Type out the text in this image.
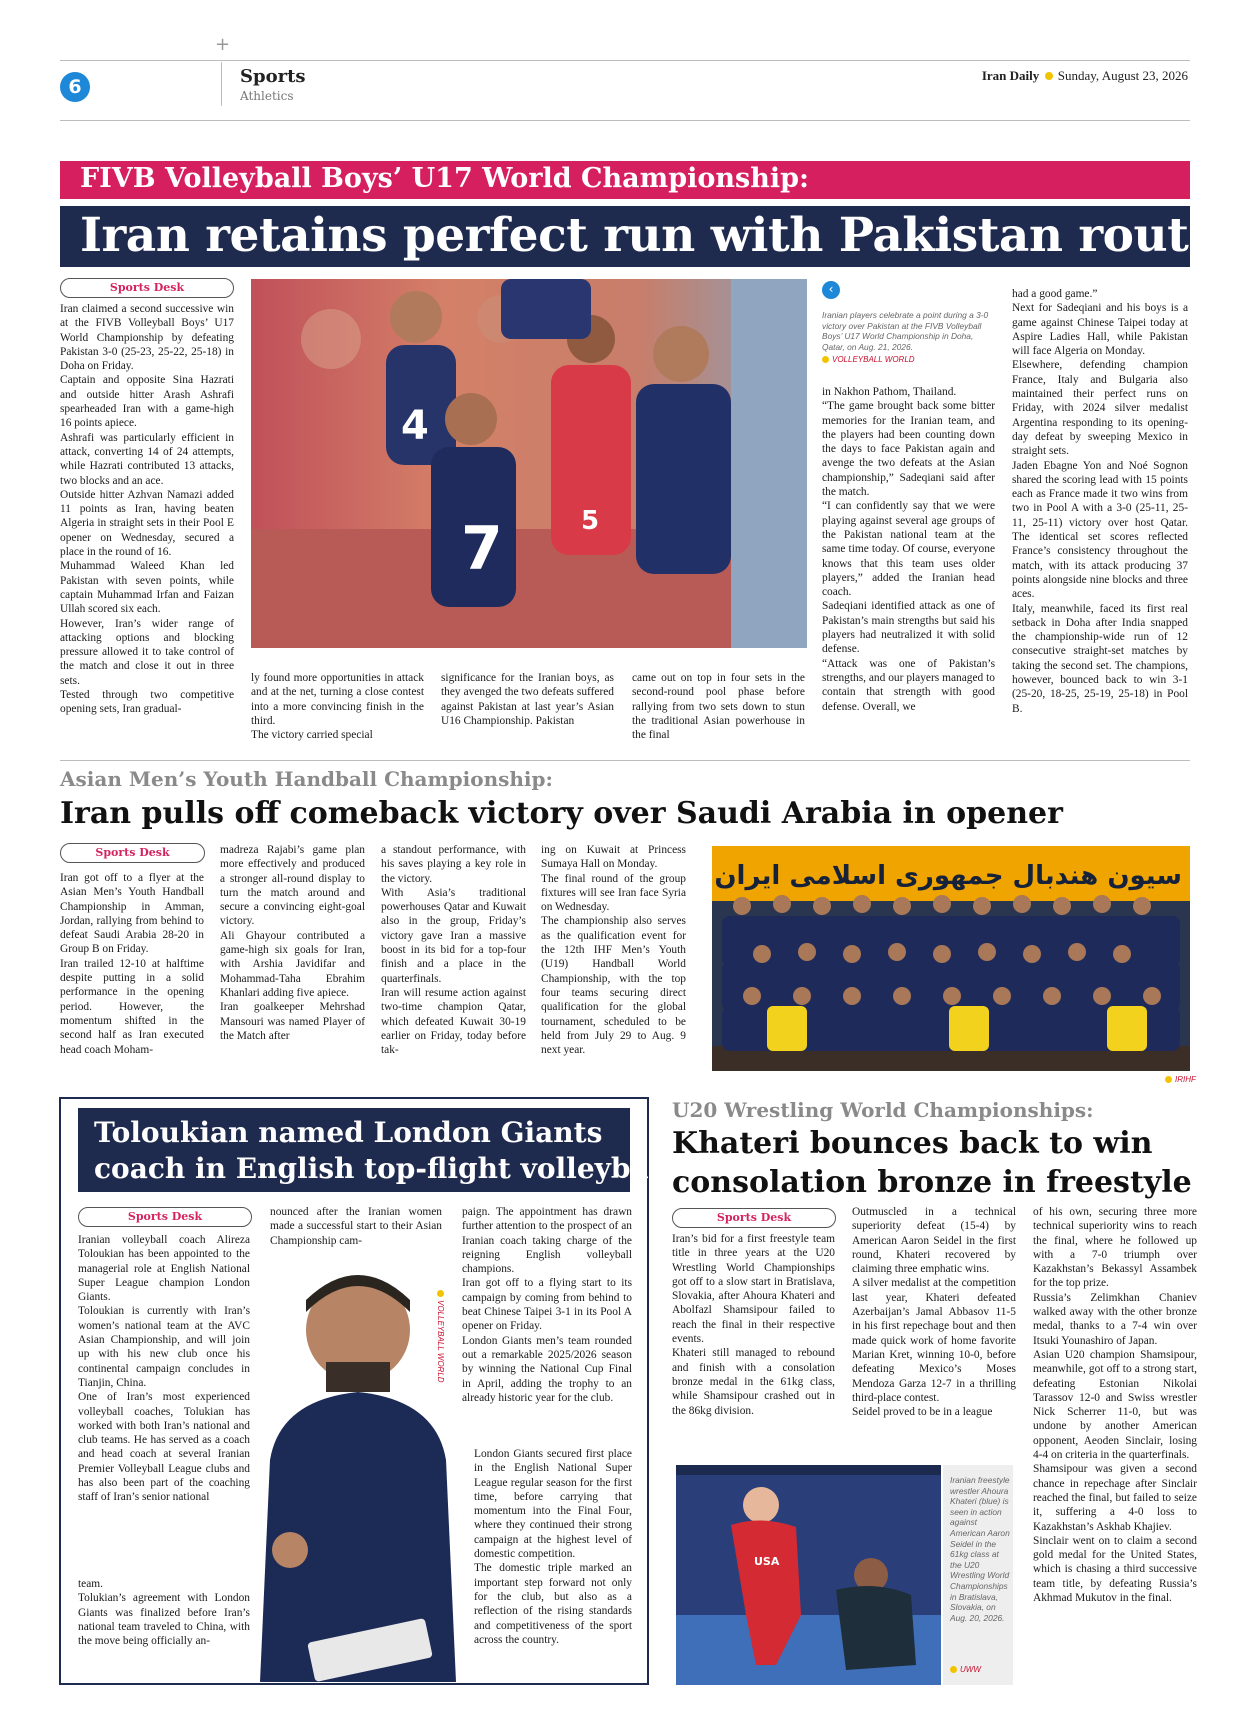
+
6	Sports
Athletics
Iran Daily Sunday, August 23, 2026
FIVB Volleyball Boys’ U17 World Championship:
Iran retains perfect run with Pakistan rout
Sports Desk
Iran claimed a second successive win at the FIVB Volleyball Boys’ U17 World Championship by defeating Pakistan 3-0 (25-23, 25-22, 25-18) in Doha on Friday.
Captain and opposite Sina Hazrati and outside hitter Arash Ashrafi spearheaded Iran with a game-high 16 points apiece.
Ashrafi was particularly efficient in attack, converting 14 of 24 attempts, while Hazrati contributed 13 attacks, two blocks and an ace.
Outside hitter Azhvan Namazi added 11 points as Iran, having beaten Algeria in straight sets in their Pool E opener on Wednesday, secured a place in the round of 16.
Muhammad Waleed Khan led Pakistan with seven points, while captain Muhammad Irfan and Faizan Ullah scored six each.
However, Iran’s wider range of attacking options and blocking pressure allowed it to take control of the match and close it out in three sets.
Tested through two competitive opening sets, Iran gradual-
7	5
4
ly found more opportunities in attack and at the net, turning a close contest into a more convincing finish in the third.
The victory carried special
significance for the Iranian boys, as they avenged the two defeats suffered against Pakistan at last year’s Asian U16 Championship. Pakistan
came out on top in four sets in the second-round pool phase before rallying from two sets down to stun the traditional Asian powerhouse in the final
‹
Iranian players celebrate a point during a 3-0 victory over Pakistan at the FIVB Volleyball Boys’ U17 World Championship in Doha, Qatar, on Aug. 21, 2026.
VOLLEYBALL WORLD
in Nakhon Pathom, Thailand.
“The game brought back some bitter memories for the Iranian team, and the players had been counting down the days to face Pakistan again and avenge the two defeats at the Asian championship,” Sadeqiani said after the match.
“I can confidently say that we were playing against several age groups of the Pakistan national team at the same time today. Of course, everyone knows that this team uses older players,” added the Iranian head coach.
Sadeqiani identified attack as one of Pakistan’s main strengths but said his players had neutralized it with solid defense.
“Attack was one of Pakistan’s strengths, and our players managed to contain that strength with good defense. Overall, we
had a good game.”
Next for Sadeqiani and his boys is a game against Chinese Taipei today at Aspire Ladies Hall, while Pakistan will face Algeria on Monday.
Elsewhere, defending champion France, Italy and Bulgaria also maintained their perfect runs on Friday, with 2024 silver medalist Argentina responding to its opening-day defeat by sweeping Mexico in straight sets.
Jaden Ebagne Yon and Noé Sognon shared the scoring lead with 15 points each as France made it two wins from two in Pool A with a 3-0 (25-11, 25-11, 25-11) victory over host Qatar. The identical set scores reflected France’s consistency throughout the match, with its attack producing 37 points alongside nine blocks and three aces.
Italy, meanwhile, faced its first real setback in Doha after India snapped the championship-wide run of 12 consecutive straight-set matches by taking the second set. The champions, however, bounced back to win 3-1 (25-20, 18-25, 25-19, 25-18) in Pool B.
Asian Men’s Youth Handball Championship:
Iran pulls off comeback victory over Saudi Arabia in opener
Sports Desk
Iran got off to a flyer at the Asian Men’s Youth Handball Championship in Amman, Jordan, rallying from behind to defeat Saudi Arabia 28-20 in Group B on Friday.
Iran trailed 12-10 at halftime despite putting in a solid performance in the opening period. However, the momentum shifted in the second half as Iran executed head coach Moham-
madreza Rajabi’s game plan more effectively and produced a stronger all-round display to turn the match around and secure a convincing eight-goal victory.
Ali Ghayour contributed a game-high six goals for Iran, with Arshia Javidifar and Mohammad-Taha Ebrahim Khanlari adding five apiece.
Iran goalkeeper Mehrshad Mansouri was named Player of the Match after
a standout performance, with his saves playing a key role in the victory.
With Asia’s traditional powerhouses Qatar and Kuwait also in the group, Friday’s victory gave Iran a massive boost in its bid for a top-four finish and a place in the quarterfinals.
Iran will resume action against two-time champion Qatar, which defeated Kuwait 30-19 earlier on Friday, today before tak-
ing on Kuwait at Princess Sumaya Hall on Monday.
The final round of the group fixtures will see Iran face Syria on Wednesday.
The championship also serves as the qualification event for the 12th IHF Men’s Youth (U19) Handball World Championship, with the top four teams securing direct qualification for the global tournament, scheduled to be held from July 29 to Aug. 9 next year.
سیون هندبال جمهوری اسلامی ایران
IRIHF
Toloukian named London Giants
coach in English top-flight volleyball
Sports Desk
Iranian volleyball coach Alireza Toloukian has been appointed to the managerial role at English National Super League champion London Giants.
Toloukian is currently with Iran’s women’s national team at the AVC Asian Championship, and will join up with his new club once his continental campaign concludes in Tianjin, China.
One of Iran’s most experienced volleyball coaches, Tolukian has worked with both Iran’s national and club teams. He has served as a coach and head coach at several Iranian Premier Volleyball League clubs and has also been part of the coaching staff of Iran’s senior national
team.
Tolukian’s agreement with London Giants was finalized before Iran’s national team traveled to China, with the move being officially an-
nounced after the Iranian women made a successful start to their Asian Championship cam-
paign. The appointment has drawn further attention to the prospect of an Iranian coach taking charge of the reigning English volleyball champions.
Iran got off to a flying start to its campaign by coming from behind to beat Chinese Taipei 3-1 in its Pool A opener on Friday.
London Giants men’s team rounded out a remarkable 2025/2026 season by winning the National Cup Final in April, adding the trophy to an already historic year for the club.
London Giants secured first place in the English National Super League regular season for the first time, before carrying that momentum into the Final Four, where they continued their strong campaign at the highest level of domestic competition.
The domestic triple marked an important step forward not only for the club, but also as a reflection of the rising standards and competitiveness of the sport across the country.
VOLLEYBALL WORLD
U20 Wrestling World Championships:
Khateri bounces back to win
consolation bronze in freestyle
Sports Desk
Iran’s bid for a first freestyle team title in three years at the U20 Wrestling World Championships got off to a slow start in Bratislava, Slovakia, after Ahoura Khateri and Abolfazl Shamsipour failed to reach the final in their respective events.
Khateri still managed to rebound and finish with a consolation bronze medal in the 61kg class, while Shamsipour crashed out in the 86kg division.
Outmuscled in a technical superiority defeat (15-4) by American Aaron Seidel in the first round, Khateri recovered by claiming three emphatic wins.
A silver medalist at the competition last year, Khateri defeated Azerbaijan’s Jamal Abbasov 11-5 in his first repechage bout and then made quick work of home favorite Marian Kret, winning 10-0, before defeating Mexico’s Moses Mendoza Garza 12-7 in a thrilling third-place contest.
Seidel proved to be in a league
of his own, securing three more technical superiority wins to reach the final, where he followed up with a 7-0 triumph over Kazakhstan’s Bekassyl Assambek for the top prize.
Russia’s Zelimkhan Chaniev walked away with the other bronze medal, thanks to a 7-4 win over Itsuki Younashiro of Japan.
Asian U20 champion Shamsipour, meanwhile, got off to a strong start, defeating Estonian Nikolai Tarassov 12-0 and Swiss wrestler Nick Scherrer 11-0, but was undone by another American opponent, Aeoden Sinclair, losing 4-4 on criteria in the quarterfinals.
Shamsipour was given a second chance in repechage after Sinclair reached the final, but failed to seize it, suffering a 4-0 loss to Kazakhstan’s Askhab Khajiev.
Sinclair went on to claim a second gold medal for the United States, which is chasing a third successive team title, by defeating Russia’s Akhmad Mukutov in the final.
USA
Iranian freestyle wrestler Ahoura Khateri (blue) is seen in action against American Aaron Seidel in the 61kg class at the U20 Wrestling World Championships in Bratislava, Slovakia, on Aug. 20, 2026.
UWW
